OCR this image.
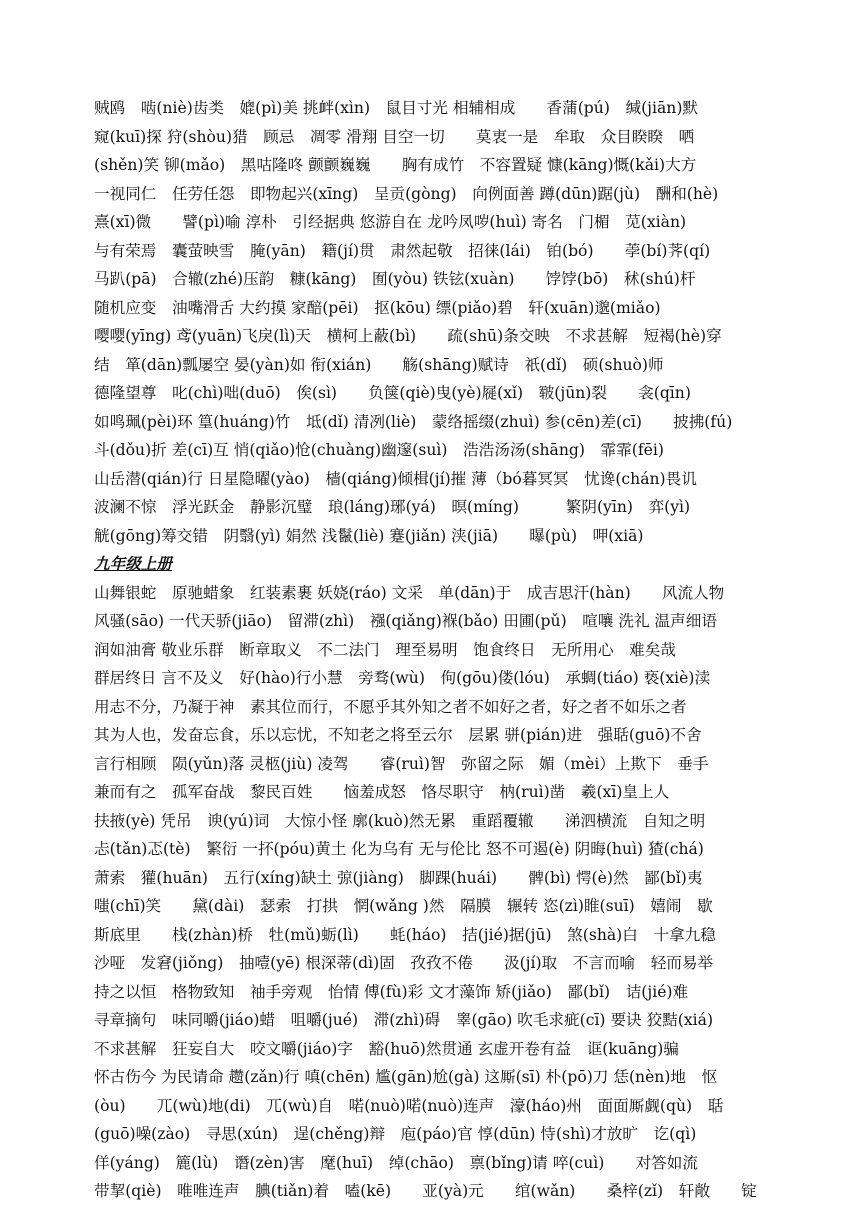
贼鸥　啮(niè)齿类　媲(pì)美 挑衅(xìn)　鼠目寸光 相辅相成　　香蒲(pú)　缄(jiān)默
窥(kuī)探 狩(shòu)猎　顾忌　凋零 滑翔 目空一切　　莫衷一是　牟取　众目睽睽　哂
(shěn)笑 铆(mǎo)　黑咕隆咚 颤颤巍巍　　胸有成竹　不容置疑 慷(kāng)慨(kǎi)大方
一视同仁　任劳任怨　即物起兴(xīng)　呈贡(gòng)　向例面善 蹲(dūn)踞(jù)　酬和(hè)
熹(xī)微　　譬(pì)喻 淳朴　引经据典 悠游自在 龙吟凤哕(huì) 寄名　门楣　苋(xiàn)
与有荣焉　囊萤映雪　腌(yān)　籍(jí)贯　肃然起敬　招徕(lái)　铂(bó)　　荸(bí)荠(qí)
马趴(pā)　合辙(zhé)压韵　糠(kāng)　囿(yòu) 铁铉(xuàn)　　饽饽(bō)　秫(shú)杆
随机应变　油嘴滑舌 大约摸 家醅(pēi)　抠(kōu) 缥(piǎo)碧　轩(xuān)邈(miǎo)
嘤嘤(yīng) 鸢(yuān)飞戾(lì)天　横柯上蔽(bì)　　疏(shū)条交映　不求甚解　短褐(hè)穿
结　箪(dān)瓢屡空 晏(yàn)如 衔(xián)　　觞(shāng)赋诗　祇(dǐ)　硕(shuò)师
德隆望尊　叱(chì)咄(duō)　俟(sì)　　负箧(qiè)曳(yè)屣(xǐ)　皲(jūn)裂　　衾(qīn)
如鸣珮(pèi)环 篁(huáng)竹　坻(dǐ) 清冽(liè)　蒙络摇缀(zhuì) 参(cēn)差(cī)　　披拂(fú)
斗(dǒu)折 差(cī)互 悄(qiǎo)怆(chuàng)幽邃(suì)　浩浩汤汤(shāng)　霏霏(fēi)
山岳潜(qián)行 日星隐曜(yào)　樯(qiáng)倾楫(jí)摧 薄（bó暮冥冥　忧谗(chán)畏讥
波澜不惊　浮光跃金　静影沉璧　琅(láng)琊(yá)　暝(míng)　　　繁阴(yīn)　弈(yì)
觥(gōng)筹交错　阴翳(yì) 娟然 浅鬣(liè) 蹇(jiǎn) 浃(jiā)　　曝(pù)　呷(xiā)
九年级上册
山舞银蛇　原驰蜡象　红装素裹 妖娆(ráo) 文采　单(dān)于　成吉思汗(hàn)　　风流人物
风骚(sāo) 一代天骄(jiāo)　留滞(zhì)　襁(qiǎng)褓(bǎo) 田圃(pǔ)　喧嚷 洗礼 温声细语
润如油膏 敬业乐群　断章取义　不二法门　理至易明　饱食终日　无所用心　难矣哉
群居终日 言不及义　好(hào)行小慧　旁骛(wù)　佝(gōu)偻(lóu)　承蜩(tiáo) 亵(xiè)渎
用志不分，乃凝于神　素其位而行，不愿乎其外知之者不如好之者，好之者不如乐之者
其为人也，发奋忘食，乐以忘忧，不知老之将至云尔　层累 骈(pián)进　强聒(guō)不舍
言行相顾　陨(yǔn)落 灵柩(jiù) 凌驾　　睿(ruì)智　弥留之际　媚（mèi）上欺下　垂手
兼而有之　孤军奋战　黎民百姓　　恼羞成怒　恪尽职守　枘(ruì)凿　羲(xī)皇上人
扶掖(yè) 凭吊　谀(yú)词　大惊小怪 廓(kuò)然无累　重蹈覆辙　　涕泗横流　自知之明
忐(tǎn)忑(tè)　繁衍 一抔(póu)黄土 化为乌有 无与伦比 怒不可遏(è) 阴晦(huì) 猹(chá)
萧索　獾(huān)　五行(xíng)缺土 弶(jiàng)　脚踝(huái)　　髀(bì) 愕(è)然　鄙(bǐ)夷
嗤(chī)笑　　黛(dài)　瑟索　打拱　惘(wǎng )然　隔膜　辗转 恣(zì)睢(suī)　嬉闹　歇
斯底里　　栈(zhàn)桥　牡(mǔ)蛎(lì)　　蚝(háo)　拮(jié)据(jū)　煞(shà)白　十拿九稳
沙哑　发窘(jiǒng)　抽噎(yē) 根深蒂(dì)固　孜孜不倦　　汲(jí)取　不言而喻　轻而易举
持之以恒　格物致知　袖手旁观　怡情 傅(fù)彩 文才藻饰 矫(jiǎo)　鄙(bǐ)　诘(jié)难
寻章摘句　味同嚼(jiáo)蜡　咀嚼(jué)　滞(zhì)碍　睾(gāo) 吹毛求疵(cī) 要诀 狡黠(xiá)
不求甚解　狂妄自大　咬文嚼(jiáo)字　豁(huō)然贯通 玄虚开卷有益　诓(kuāng)骗
怀古伤今 为民请命 趱(zǎn)行 嗔(chēn) 尴(gān)尬(gà) 这厮(sī) 朴(pō)刀 恁(nèn)地　怄
(òu)　　兀(wù)地(di)　兀(wù)自　喏(nuò)喏(nuò)连声　濠(háo)州　面面厮觑(qù)　聒
(guō)噪(zào)　寻思(xún)　逞(chěng)辩　庖(páo)官 惇(dūn) 恃(shì)才放旷　讫(qì)
佯(yáng)　簏(lù)　谮(zèn)害　麾(huī)　绰(chāo)　禀(bǐng)请 啐(cuì)　　对答如流
带挈(qiè)　唯唯连声　腆(tiǎn)着　嗑(kē)　　亚(yà)元　　绾(wǎn)　　桑梓(zǐ)　轩敞　　锭
